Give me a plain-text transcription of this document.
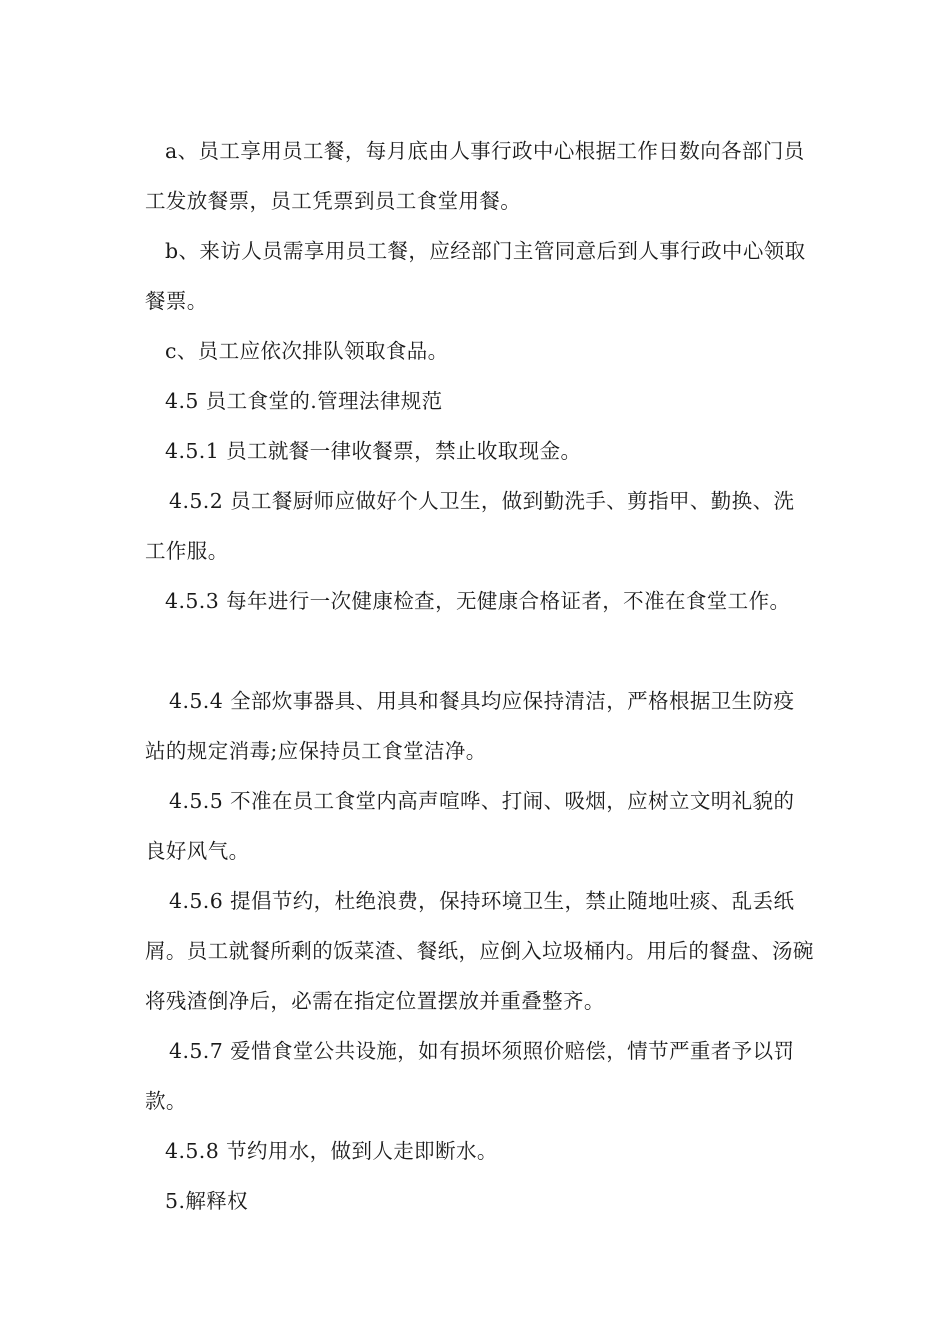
a、员工享用员工餐，每月底由人事行政中心根据工作日数向各部门员工发放餐票，员工凭票到员工食堂用餐。

b、来访人员需享用员工餐，应经部门主管同意后到人事行政中心领取餐票。

c、员工应依次排队领取食品。

4.5 员工食堂的.管理法律规范

4.5.1 员工就餐一律收餐票，禁止收取现金。

4.5.2 员工餐厨师应做好个人卫生，做到勤洗手、剪指甲、勤换、洗工作服。

4.5.3 每年进行一次健康检查，无健康合格证者，不准在食堂工作。

4.5.4 全部炊事器具、用具和餐具均应保持清洁，严格根据卫生防疫站的规定消毒;应保持员工食堂洁净。

4.5.5 不准在员工食堂内高声喧哗、打闹、吸烟，应树立文明礼貌的良好风气。

4.5.6 提倡节约，杜绝浪费，保持环境卫生，禁止随地吐痰、乱丢纸屑。员工就餐所剩的饭菜渣、餐纸，应倒入垃圾桶内。用后的餐盘、汤碗将残渣倒净后，必需在指定位置摆放并重叠整齐。

4.5.7 爱惜食堂公共设施，如有损坏须照价赔偿，情节严重者予以罚款。

4.5.8 节约用水，做到人走即断水。

5.解释权
